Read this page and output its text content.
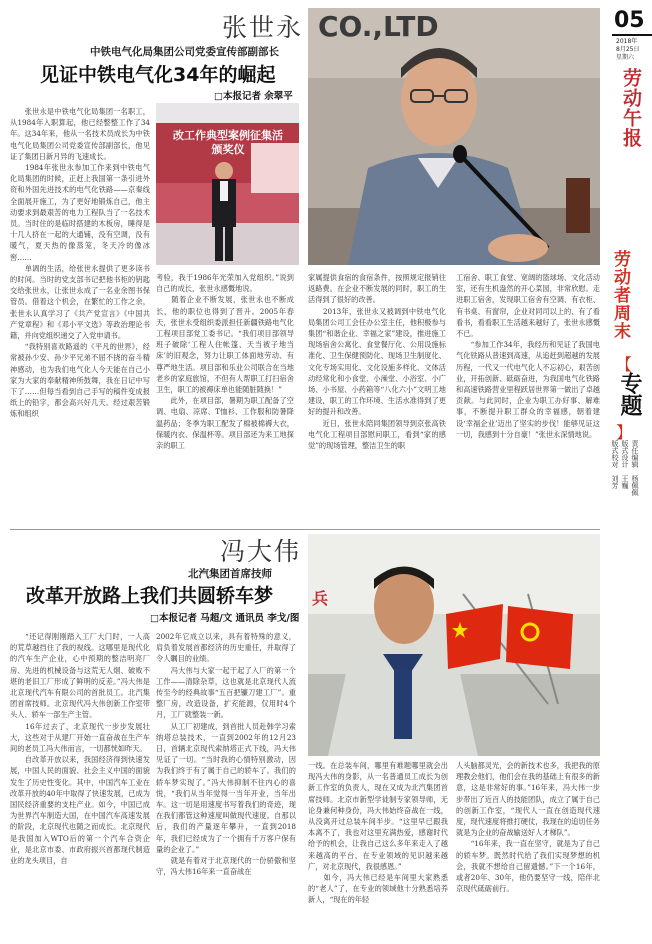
张世永
中铁电气化局集团公司党委宣传部副部长
见证中铁电气化34年的崛起
□本报记者 余翠平
改工作典型案例征集活
颁奖仪
CO.,LTD
　　张世永是中铁电气化局集团一名职工，从1984年入职算起，他已经整整工作了34年。这34年来，他从一名技术员成长为中铁电气化局集团公司党委宣传部副部长，他见证了集团日新月异的飞速成长。
　　1984年张世永参加工作来到中铁电气化局集团的时候，正赶上我国第一条引进外资和外国先进技术的电气化铁路——京秦线全面展开施工，为了更好地锻炼自己，他主动要求到最艰苦的电力工程队当了一名技术员。当时住的是临时搭建的木板房，睡得是十几人挤在一起的大通铺，没有空调，没有暖气，夏天热的像蒸笼，冬天冷的像冰窖……
　　单调的生活，给张世永提供了更多读书的时间。当时的党支部书记把他书柜的钥匙交给张世永，让张世永成了一名业余图书保管员。借着这个机会，在繁忙的工作之余，张世永认真学习了《共产党宣言》《中国共产党章程》和《邓小平文选》等政治理论书籍，并向党组织递交了入党申请书。
　　“我特别喜欢路遥的《平凡的世界》，经常被孙少安、孙少平兄弟不屈不挠的奋斗精神感动，也为我们电气化人今天能在自己小家为大家的奉献精神所鼓舞，我在日记中写下了……但每当看到自己手写的稿件变成报纸上的铅字，都会高兴好几天。经过艰苦锻炼和组织
考验，我于1986年光荣加入党组织。”说到自己的成长，张世永感慨地说。
　　随着企业不断发展，张世永也不断成长，他的职位也得到了晋升。2005年春天，张世永受组织委派担任新疆铁路电气化工程项目部党工委书记。“我们项目部领导班子破除‘工程人住帐篷、天当被子地当床’的旧观念，努力让职工体面地劳动、有尊严地生活。项目部和乐业公司联合在当地老乡的家庭旅馆，不但有人帮职工打扫宿舍卫生，职工的被褥床单也能随脏随换！”
　　此外，在项目部，暑期为职工配备了空调、电扇、凉席、T恤衫、工作服和防暑降温药品；冬季为职工配发了棉被棉褥大衣，保暖内衣、保温杯等。项目部还为来工地探亲的职工
家属提供食宿的食宿条件，按照规定报销往返路费。在企业不断发展的同时，职工的生活得到了很好的改善。
　　2013年，张世永又被调到中铁电气化局集团公司工会任办公室主任，他积极参与集团“和谐企业、幸福之家”建设，推进施工现场宿舍公寓化、食堂餐厅化、公用设施标准化、卫生保健预防化、现场卫生制度化、文化专场实用化、文化设施多样化、文体活动经常化和小食堂、小澡堂、小浴室、小广场、小书屋、小药箱等“八化六小”文明工地建设，职工的工作环境、生活水准得到了更好的提升和改善。
　　近日，张世永陪同集团领导到京张高铁电气化工程项目部慰问职工，看到“家的感觉”的现场管理，整洁卫生的职
工宿舍、职工食堂、宽阔的篮球场、文化活动室，还有生机盎然的开心菜园，非常欣慰。走进职工宿舍，发现职工宿舍有空调、有衣柜、有书桌、有窗帘，企业对同司以上的、有了看看书，看看职工生活越来越好了，张世永感慨不已。
　　“参加工作34年，我经历和见证了我国电气化铁路从普速到高速，从追赶到超越的发展历程，一代又一代电气化人不忘初心，艰苦创业，开拓创新、砥砺奋进，为我国电气化铁路和高速铁路营业里程跃居世界第一做出了卓越贡献。与此同时，企业为职工办好事、解难事，不断提升职工群众的幸福感，朝着建设‘幸福企业’迈出了坚实的步伐！能够见证这一切，我感到十分自豪！”张世永深情地说。
冯大伟
北汽集团首席技师
改革开放路上我们共圆轿车梦
□本报记者 马超/文 通讯员 李戈/图
兵
　　“还记得刚刚踏入工厂大门时，一人高的荒草越挡住了我的视线。这哪里是现代化的汽车生产企业，心中预期的整洁明亮厂房、先进的机械设备与这荒无人烟、破败不堪的老旧工厂形成了鲜明的反差。”冯大伟是北京现代汽车有限公司的首批员工。北汽集团首席技师。北京现代冯大伟创新工作室带头人、轿车一部生产主管。
　　16年过去了，北京现代一步步发展壮大，这些对于从建厂开始一直奋战在生产车间的老员工冯大伟而言，一切都恍如昨天。
　　自改革开放以来，我国经济得到快速发展，中国人民的面貌、社会主义中国的面貌发生了历史性变化。其中，中国汽车工业在改革开放的40年中取得了快速发展，已成为国民经济重要的支柱产业。如今，中国已成为世界汽车制造大国，在中国汽车高速发展的阶段，北京现代也随之而成长。北京现代是我国加入WTO后的第一个汽车合资企业，是北京市委、市政府振兴首都现代制造业的龙头项目，自
2002年它成立以来，具有着特殊的意义，肩负着发展首都经济的历史重任，并取得了令人瞩目的业绩。
　　冯大伟与大家一起干起了入厂的第一个工作——清除杂草，这也就是北京现代人流传至今的经典故事“五百把镰刀建工厂”。重整厂房，改造设备，扩充能源，仅用时4个月，工厂就整装一新。
　　从工厂初建成，到首批人员赴韩学习索纳塔总装技术，一直到2002年的12月23日，首辆北京现代索纳塔正式下线，冯大伟见证了一切。“当时我的心情特别激动，因为我们终于有了属于自己的轿车了。我们的轿车梦实现了。”冯大伟抑制不住内心的喜悦，“我们从当年觉得一当年开业，当年出车。这一切是用速度书写着我们的奇迹，现在我们都管这种速度叫做现代速度。自那以后，我们的产量逐年攀升，一直到2018年，我们已经成为了一个拥有千万客户保有量的企业了。”
　　就是有着对于北京现代的一份骄傲和坚守，冯大伟16年来一直奋战在
一线。在总装车间，哪里有难题哪里就会出现冯大伟的身影，从一名普通员工成长为创新工作室的负责人，现在又成为北汽集团首席技师。北京市新型学徒制专家领导师，无论身兼何种身份，冯大伟始终奋战在一线，从没离开过总装车间半步。“这里早已跟我本离不了，我也对这里充满热爱，感谢时代给予的机会，让我自己这么多年来走入了越来越高的平台，在专业领域的见识越来越广，对北京现代，我很感恩。”
　　如今，冯大伟已经是车间里大家熟悉的“老人”了，在专业的领域他十分熟悉培养新人，“现在的年轻
人头脑都灵光，会的新技术也多，我把我的原理教会他们，他们会在我的基础上有很多的新意，这是非常好的事。”16年来，冯大伟一步步带出了近百人的技能团队，成立了属于自己的创新工作室，“现代人一直在创造现代速度，现代速度将推打硬仗，我现在的追切任务就是为企业的奋战输送好人才梯队”。
　　“16年来，我一直在坚守，就是为了自己的轿车梦。既然时代给了我们实现梦想的机会，我就不想给自己留遗憾。”下一个16年，或者20年、30年，他仍要坚守一线，陪伴北京现代砥砺前行。
05
2018年
8月25日
星期六
劳动午报
劳动者周末
【
专题
】
责任编辑　杨佩佩
版式设计　王巍
版式校对　刘芳
